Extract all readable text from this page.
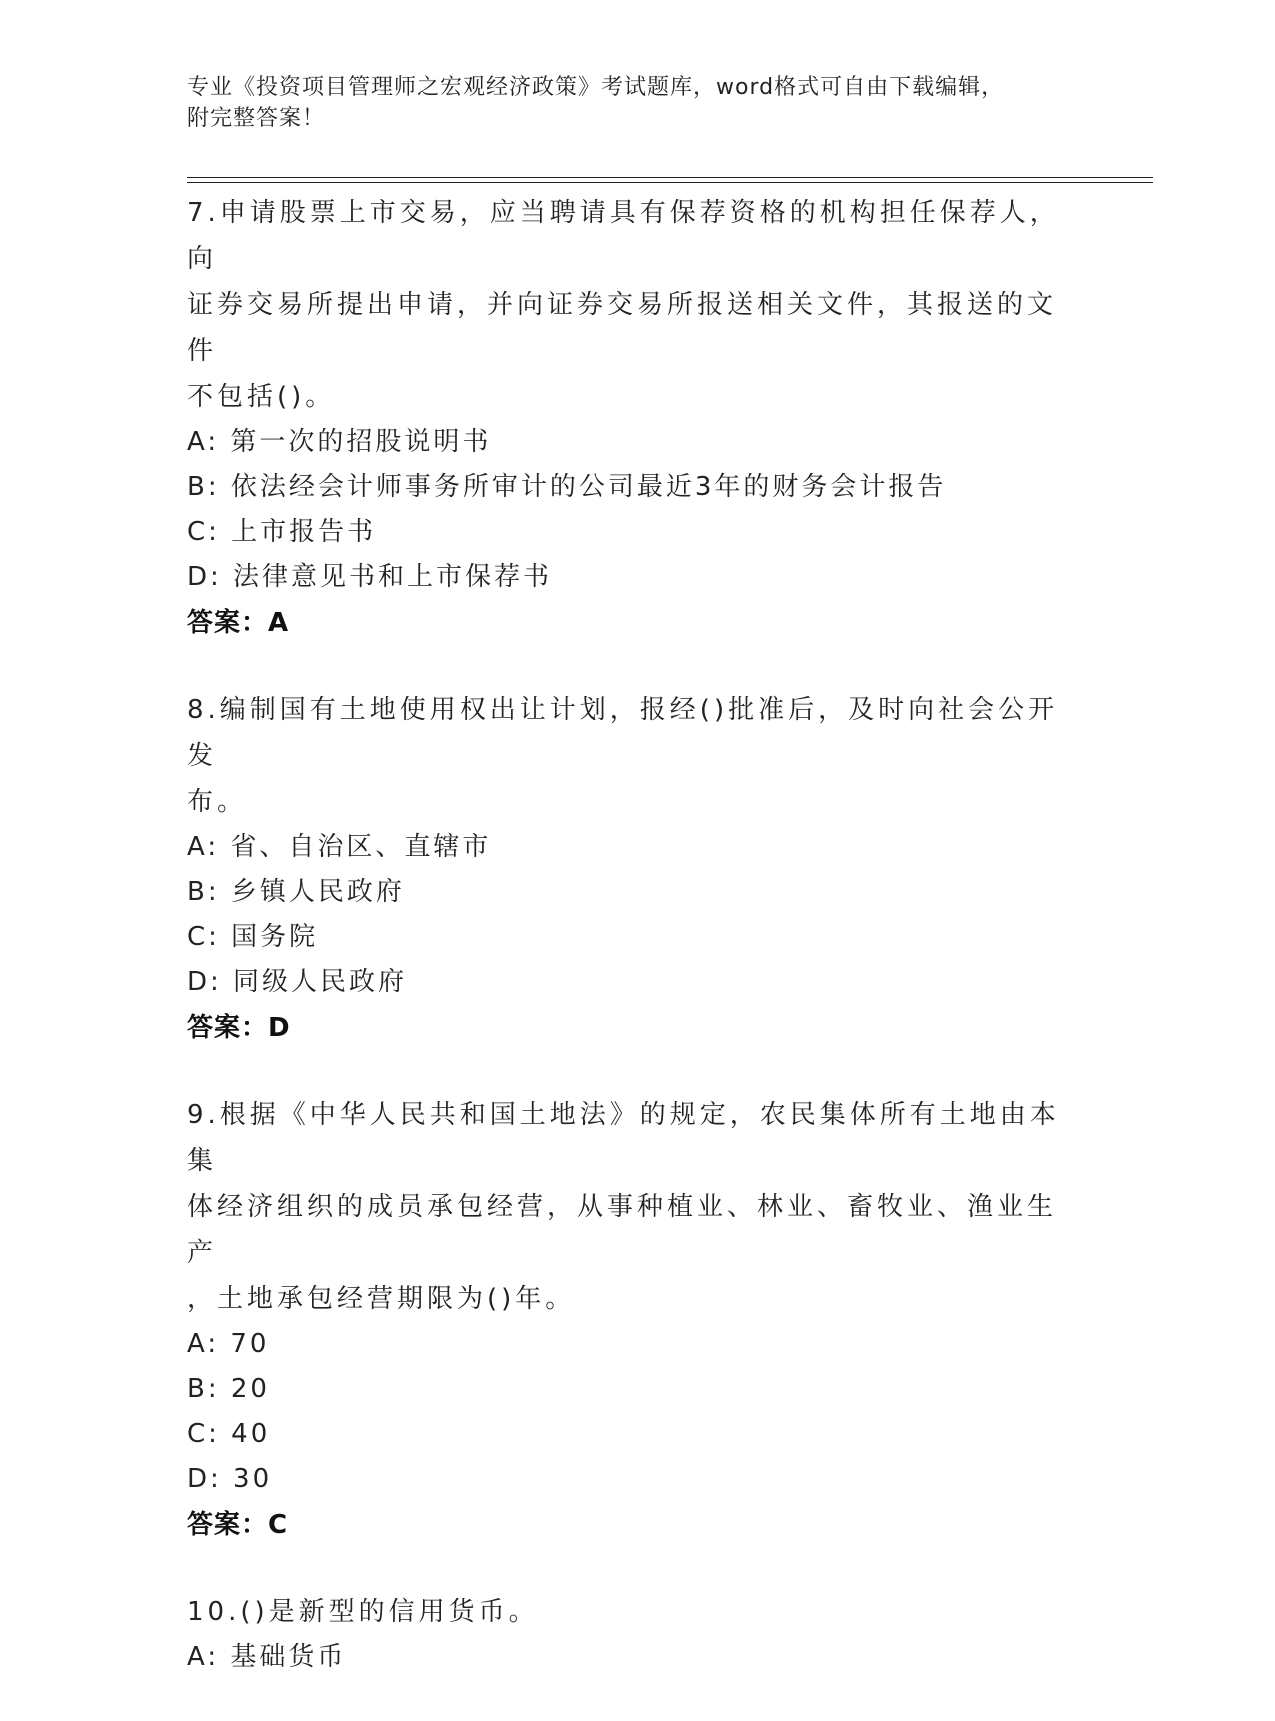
专业《投资项目管理师之宏观经济政策》考试题库，word格式可自由下载编辑，
附完整答案！
7.申请股票上市交易，应当聘请具有保荐资格的机构担任保荐人，向
证券交易所提出申请，并向证券交易所报送相关文件，其报送的文件
不包括()。
A: 第一次的招股说明书
B: 依法经会计师事务所审计的公司最近3年的财务会计报告
C: 上市报告书
D: 法律意见书和上市保荐书
答案：A
8.编制国有土地使用权出让计划，报经()批准后，及时向社会公开发
布。
A: 省、自治区、直辖市
B: 乡镇人民政府
C: 国务院
D: 同级人民政府
答案：D
9.根据《中华人民共和国土地法》的规定，农民集体所有土地由本集
体经济组织的成员承包经营，从事种植业、林业、畜牧业、渔业生产
，土地承包经营期限为()年。
A: 70
B: 20
C: 40
D: 30
答案：C
10.()是新型的信用货币。
A: 基础货币
